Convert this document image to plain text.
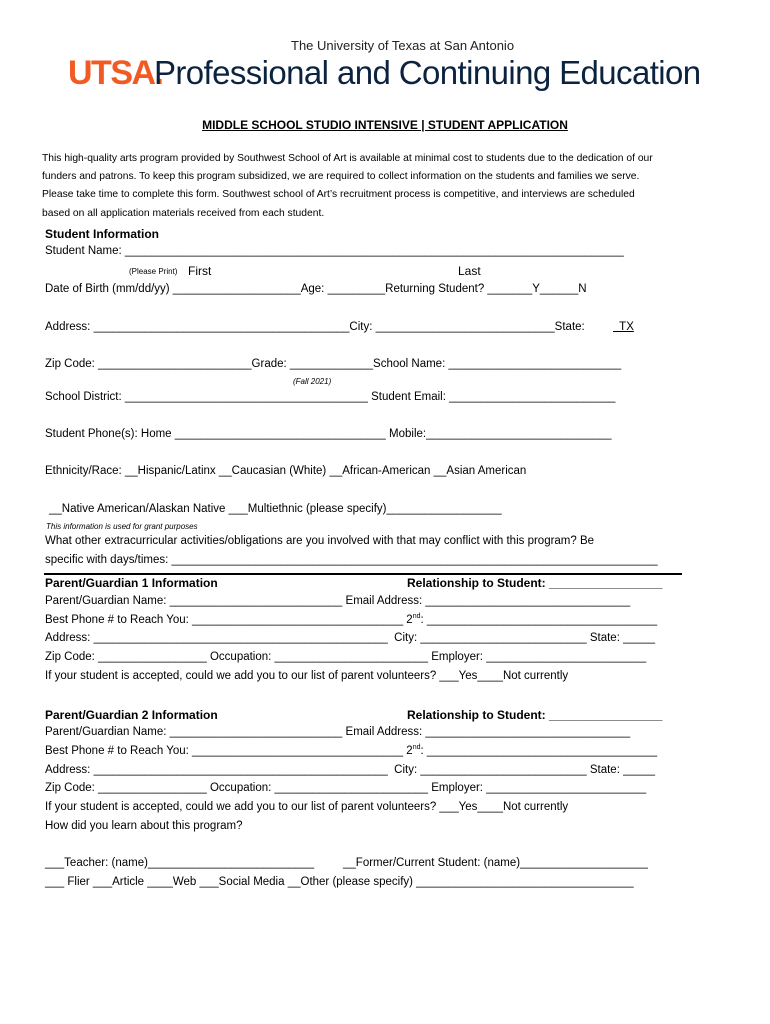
The University of Texas at San Antonio
UTSA.
Professional and Continuing Education
MIDDLE SCHOOL STUDIO INTENSIVE | STUDENT APPLICATION
This high-quality arts program provided by Southwest School of Art is available at minimal cost to students due to the dedication of our
funders and patrons. To keep this program subsidized, we are required to collect information on the students and families we serve.
Please take time to complete this form. Southwest school of Art’s recruitment process is competitive, and interviews are scheduled
based on all application materials received from each student.
Student Information
Student Name: ______________________________________________________________________________
(Please Print) First	Last
Date of Birth (mm/dd/yy) ____________________Age: _________Returning Student? _______Y______N
Address: ________________________________________City: ____________________________State: TX
Zip Code: ________________________Grade: _____________School Name: ___________________________
(Fall 2021)
School District: ______________________________________ Student Email: __________________________
Student Phone(s): Home _________________________________ Mobile:_____________________________
Ethnicity/Race: __Hispanic/Latinx __Caucasian (White) __African-American __Asian American
__Native American/Alaskan Native ___Multiethnic (please specify)__________________
This information is used for grant purposes
What other extracurricular activities/obligations are you involved with that may conflict with this program? Be
specific with days/times: ____________________________________________________________________________
Parent/Guardian 1 Information	Relationship to Student: _________________
Parent/Guardian Name: ___________________________ Email Address: ________________________________
Best Phone # to Reach You: _________________________________ 2nd: ____________________________________
Address: ______________________________________________  City: __________________________ State: _____
Zip Code: _________________ Occupation: ________________________ Employer: _________________________
If your student is accepted, could we add you to our list of parent volunteers? ___Yes____Not currently
Parent/Guardian 2 Information	Relationship to Student: _________________
Parent/Guardian Name: ___________________________ Email Address: ________________________________
Best Phone # to Reach You: _________________________________ 2nd: ____________________________________
Address: ______________________________________________  City: __________________________ State: _____
Zip Code: _________________ Occupation: ________________________ Employer: _________________________
If your student is accepted, could we add you to our list of parent volunteers? ___Yes____Not currently
How did you learn about this program?
___Teacher: (name)__________________________	__Former/Current Student: (name)____________________
___ Flier ___Article ____Web ___Social Media __Other (please specify) __________________________________
